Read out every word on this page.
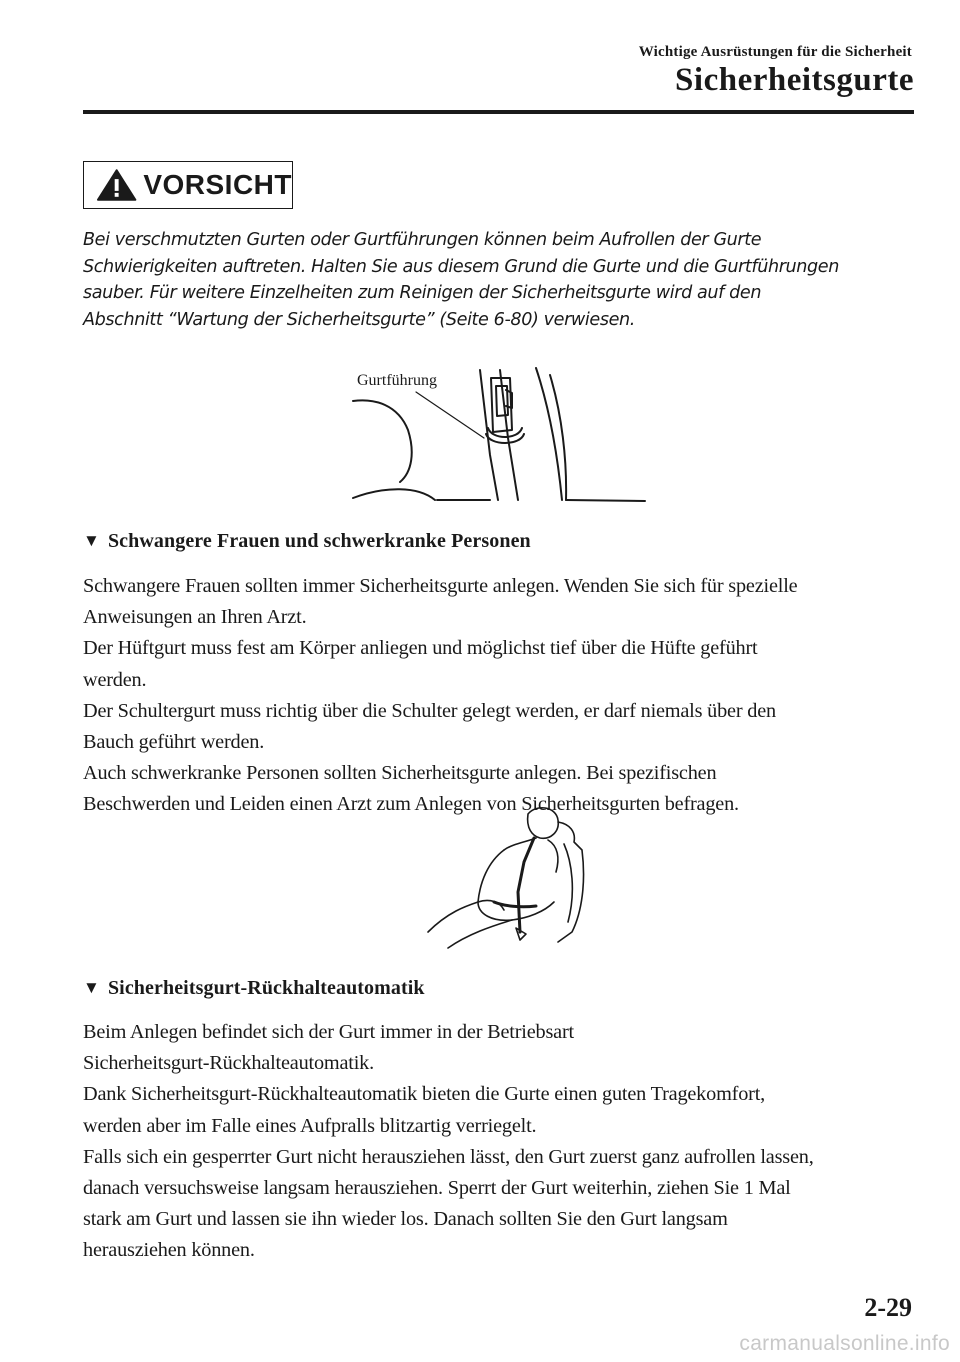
Wichtige Ausrüstungen für die Sicherheit
Sicherheitsgurte
VORSICHT
Bei verschmutzten Gurten oder Gurtführungen können beim Aufrollen der Gurte
Schwierigkeiten auftreten. Halten Sie aus diesem Grund die Gurte und die Gurtführungen
sauber. Für weitere Einzelheiten zum Reinigen der Sicherheitsgurte wird auf den
Abschnitt “Wartung der Sicherheitsgurte” (Seite 6-80) verwiesen.
Gurtführung
▼ Schwangere Frauen und schwerkranke Personen

Schwangere Frauen sollten immer Sicherheitsgurte anlegen. Wenden Sie sich für spezielle

Anweisungen an Ihren Arzt.

Der Hüftgurt muss fest am Körper anliegen und möglichst tief über die Hüfte geführt

werden.

Der Schultergurt muss richtig über die Schulter gelegt werden, er darf niemals über den

Bauch geführt werden.

Auch schwerkranke Personen sollten Sicherheitsgurte anlegen. Bei spezifischen

Beschwerden und Leiden einen Arzt zum Anlegen von Sicherheitsgurten befragen.

▼ Sicherheitsgurt-Rückhalteautomatik

Beim Anlegen befindet sich der Gurt immer in der Betriebsart

Sicherheitsgurt-Rückhalteautomatik.

Dank Sicherheitsgurt-Rückhalteautomatik bieten die Gurte einen guten Tragekomfort,

werden aber im Falle eines Aufpralls blitzartig verriegelt.

Falls sich ein gesperrter Gurt nicht herausziehen lässt, den Gurt zuerst ganz aufrollen lassen,

danach versuchsweise langsam herausziehen. Sperrt der Gurt weiterhin, ziehen Sie 1 Mal

stark am Gurt und lassen sie ihn wieder los. Danach sollten Sie den Gurt langsam

herausziehen können.

2-29
carmanualsonline.info
